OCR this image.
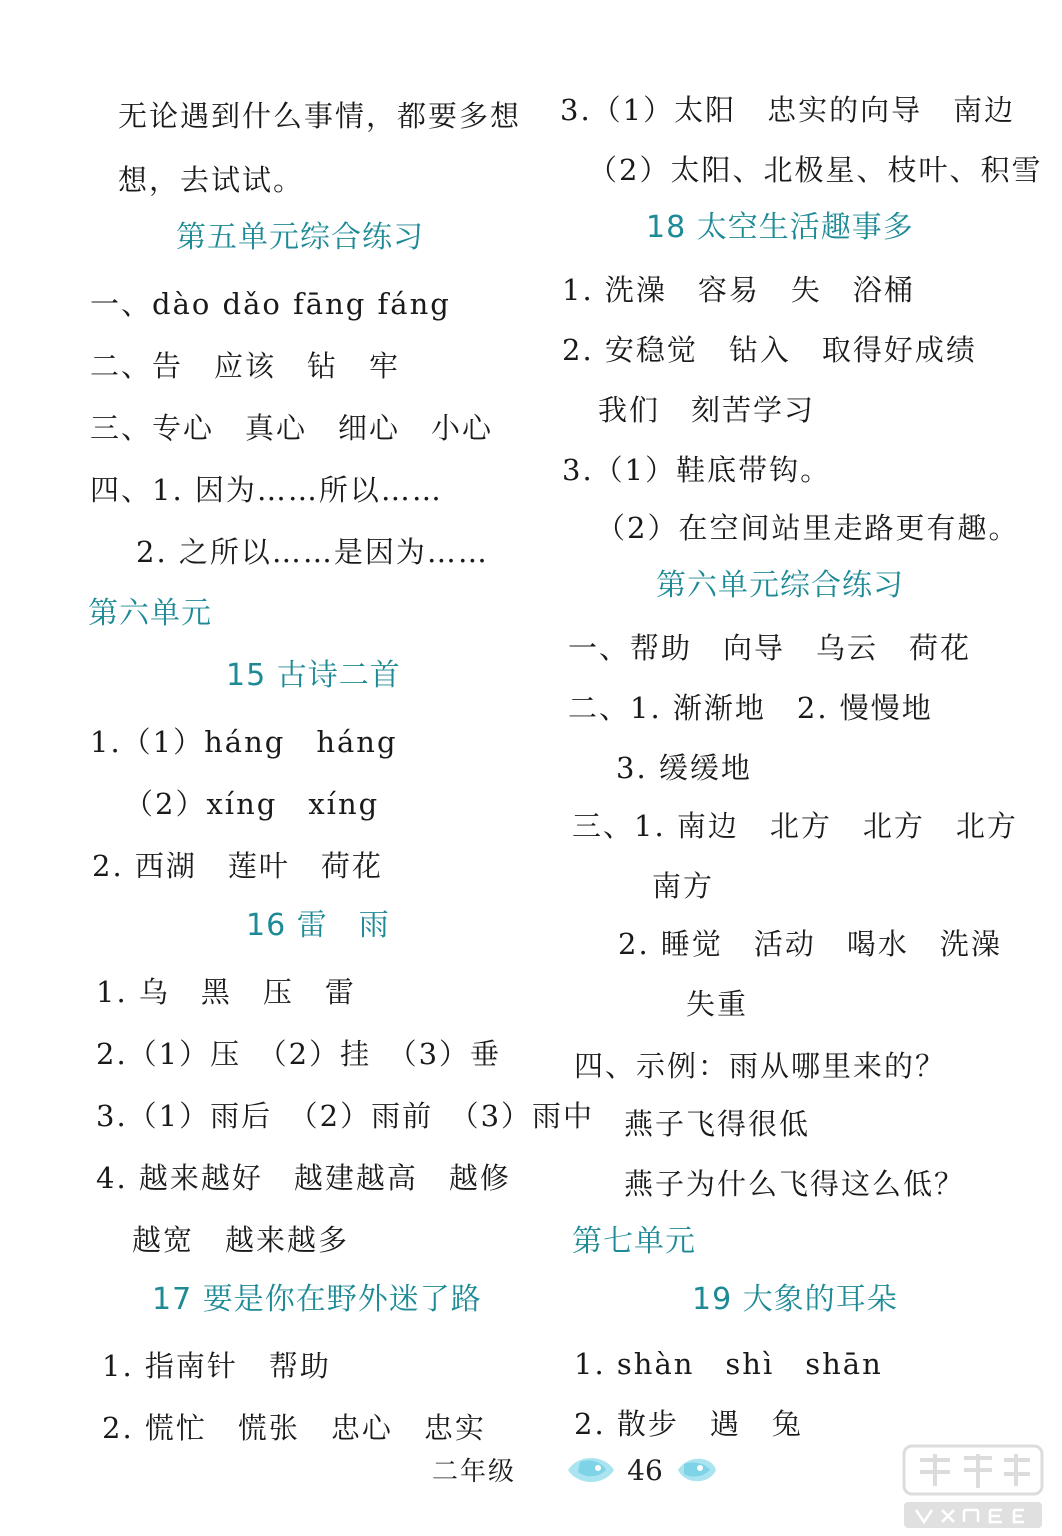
无论遇到什么事情，都要多想
想，去试试。
第五单元综合练习
一、dào dǎo fāng fáng
二、告　应该　钻　牢
三、专心　真心　细心　小心
四、1. 因为……所以……
2. 之所以……是因为……
第六单元
15 古诗二首
1.（1）háng　háng
（2）xíng　xíng
2. 西湖　莲叶　荷花
16 雷　雨
1. 乌　黑　压　雷
2.（1）压　（2）挂　（3）垂
3.（1）雨后　（2）雨前　（3）雨中
4. 越来越好　越建越高　越修
越宽　越来越多
17 要是你在野外迷了路
1. 指南针　帮助
2. 慌忙　慌张　忠心　忠实
3.（1）太阳　忠实的向导　南边
（2）太阳、北极星、枝叶、积雪
18 太空生活趣事多
1. 洗澡　容易　失　浴桶
2. 安稳觉　钻入　取得好成绩
我们　刻苦学习
3.（1）鞋底带钩。
（2）在空间站里走路更有趣。
第六单元综合练习
一、帮助　向导　乌云　荷花
二、1. 渐渐地　2. 慢慢地
3. 缓缓地
三、1. 南边　北方　北方　北方
南方
2. 睡觉　活动　喝水　洗澡
失重
四、示例：雨从哪里来的？
燕子飞得很低
燕子为什么飞得这么低？
第七单元
19 大象的耳朵
1. shàn　shì　shān
2. 散步　遇　兔
二年级	46
